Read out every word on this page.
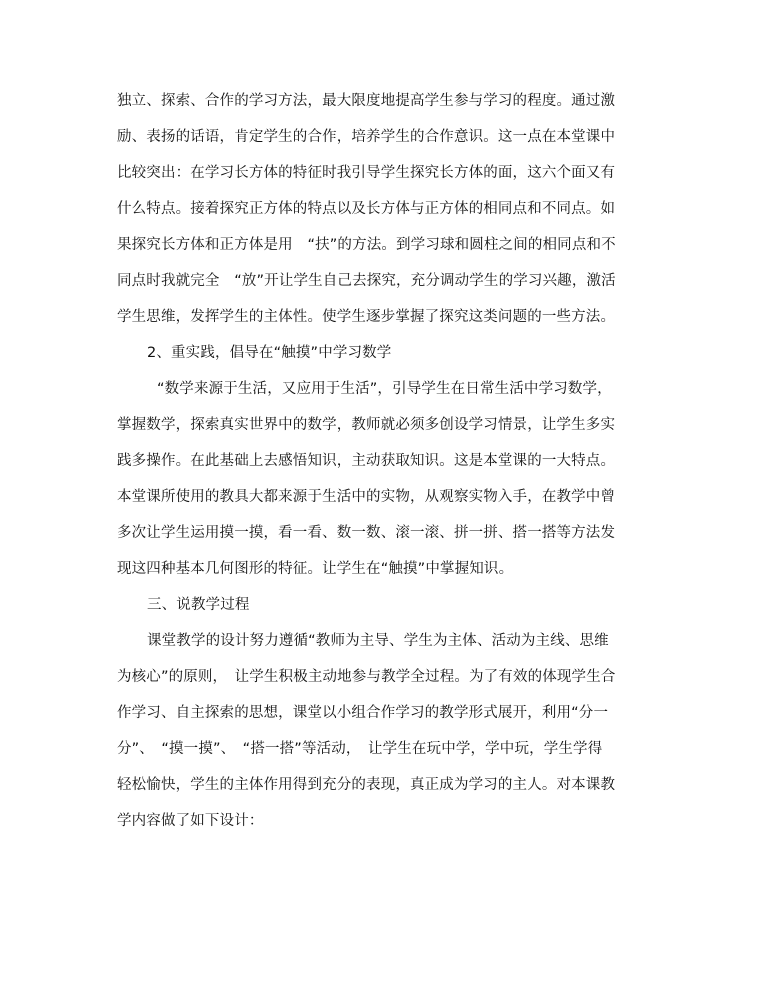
独立、探索、合作的学习方法，最大限度地提高学生参与学习的程度。通过激
励、表扬的话语，肯定学生的合作，培养学生的合作意识。这一点在本堂课中
比较突出：在学习长方体的特征时我引导学生探究长方体的面，这六个面又有
什么特点。接着探究正方体的特点以及长方体与正方体的相同点和不同点。如
果探究长方体和正方体是用　“扶”的方法。到学习球和圆柱之间的相同点和不
同点时我就完全　“放”开让学生自己去探究，充分调动学生的学习兴趣，激活
学生思维，发挥学生的主体性。使学生逐步掌握了探究这类问题的一些方法。
2、重实践，倡导在“触摸”中学习数学
“数学来源于生活，又应用于生活”，引导学生在日常生活中学习数学，
掌握数学，探索真实世界中的数学，教师就必须多创设学习情景，让学生多实
践多操作。在此基础上去感悟知识，主动获取知识。这是本堂课的一大特点。
本堂课所使用的教具大都来源于生活中的实物，从观察实物入手，在教学中曾
多次让学生运用摸一摸，看一看、数一数、滚一滚、拼一拼、搭一搭等方法发
现这四种基本几何图形的特征。让学生在“触摸”中掌握知识。
三、说教学过程
课堂教学的设计努力遵循“教师为主导、学生为主体、活动为主线、思维
为核心”的原则，　让学生积极主动地参与教学全过程。为了有效的体现学生合
作学习、自主探索的思想，课堂以小组合作学习的教学形式展开，利用“分一
分”、　“摸一摸”、　“搭一搭”等活动，　让学生在玩中学，学中玩，学生学得
轻松愉快，学生的主体作用得到充分的表现，真正成为学习的主人。对本课教
学内容做了如下设计：
